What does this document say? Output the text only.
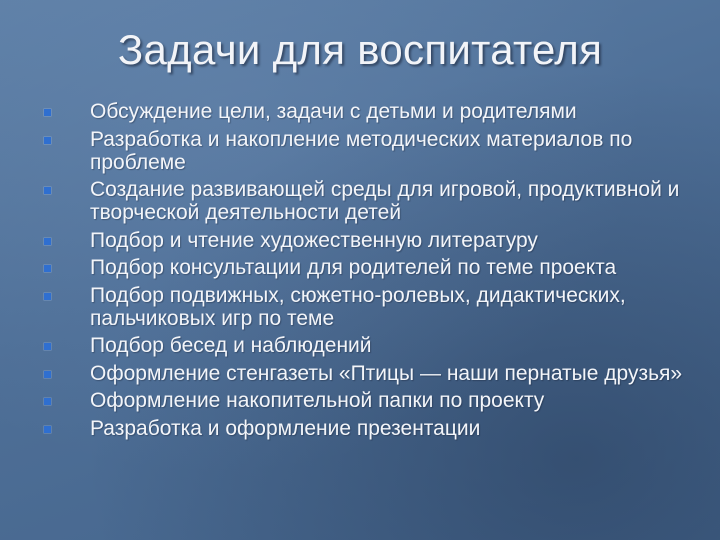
Задачи для воспитателя
Обсуждение цели, задачи с детьми и родителями
Разработка и накопление методических материалов по проблеме
Создание развивающей среды для игровой, продуктивной и творческой деятельности детей
Подбор и чтение художественную литературу
Подбор консультации для родителей по теме проекта
Подбор подвижных, сюжетно-ролевых, дидактических, пальчиковых игр по теме
Подбор бесед и наблюдений
Оформление стенгазеты «Птицы — наши пернатые друзья»
Оформление накопительной папки по проекту
Разработка и оформление презентации
